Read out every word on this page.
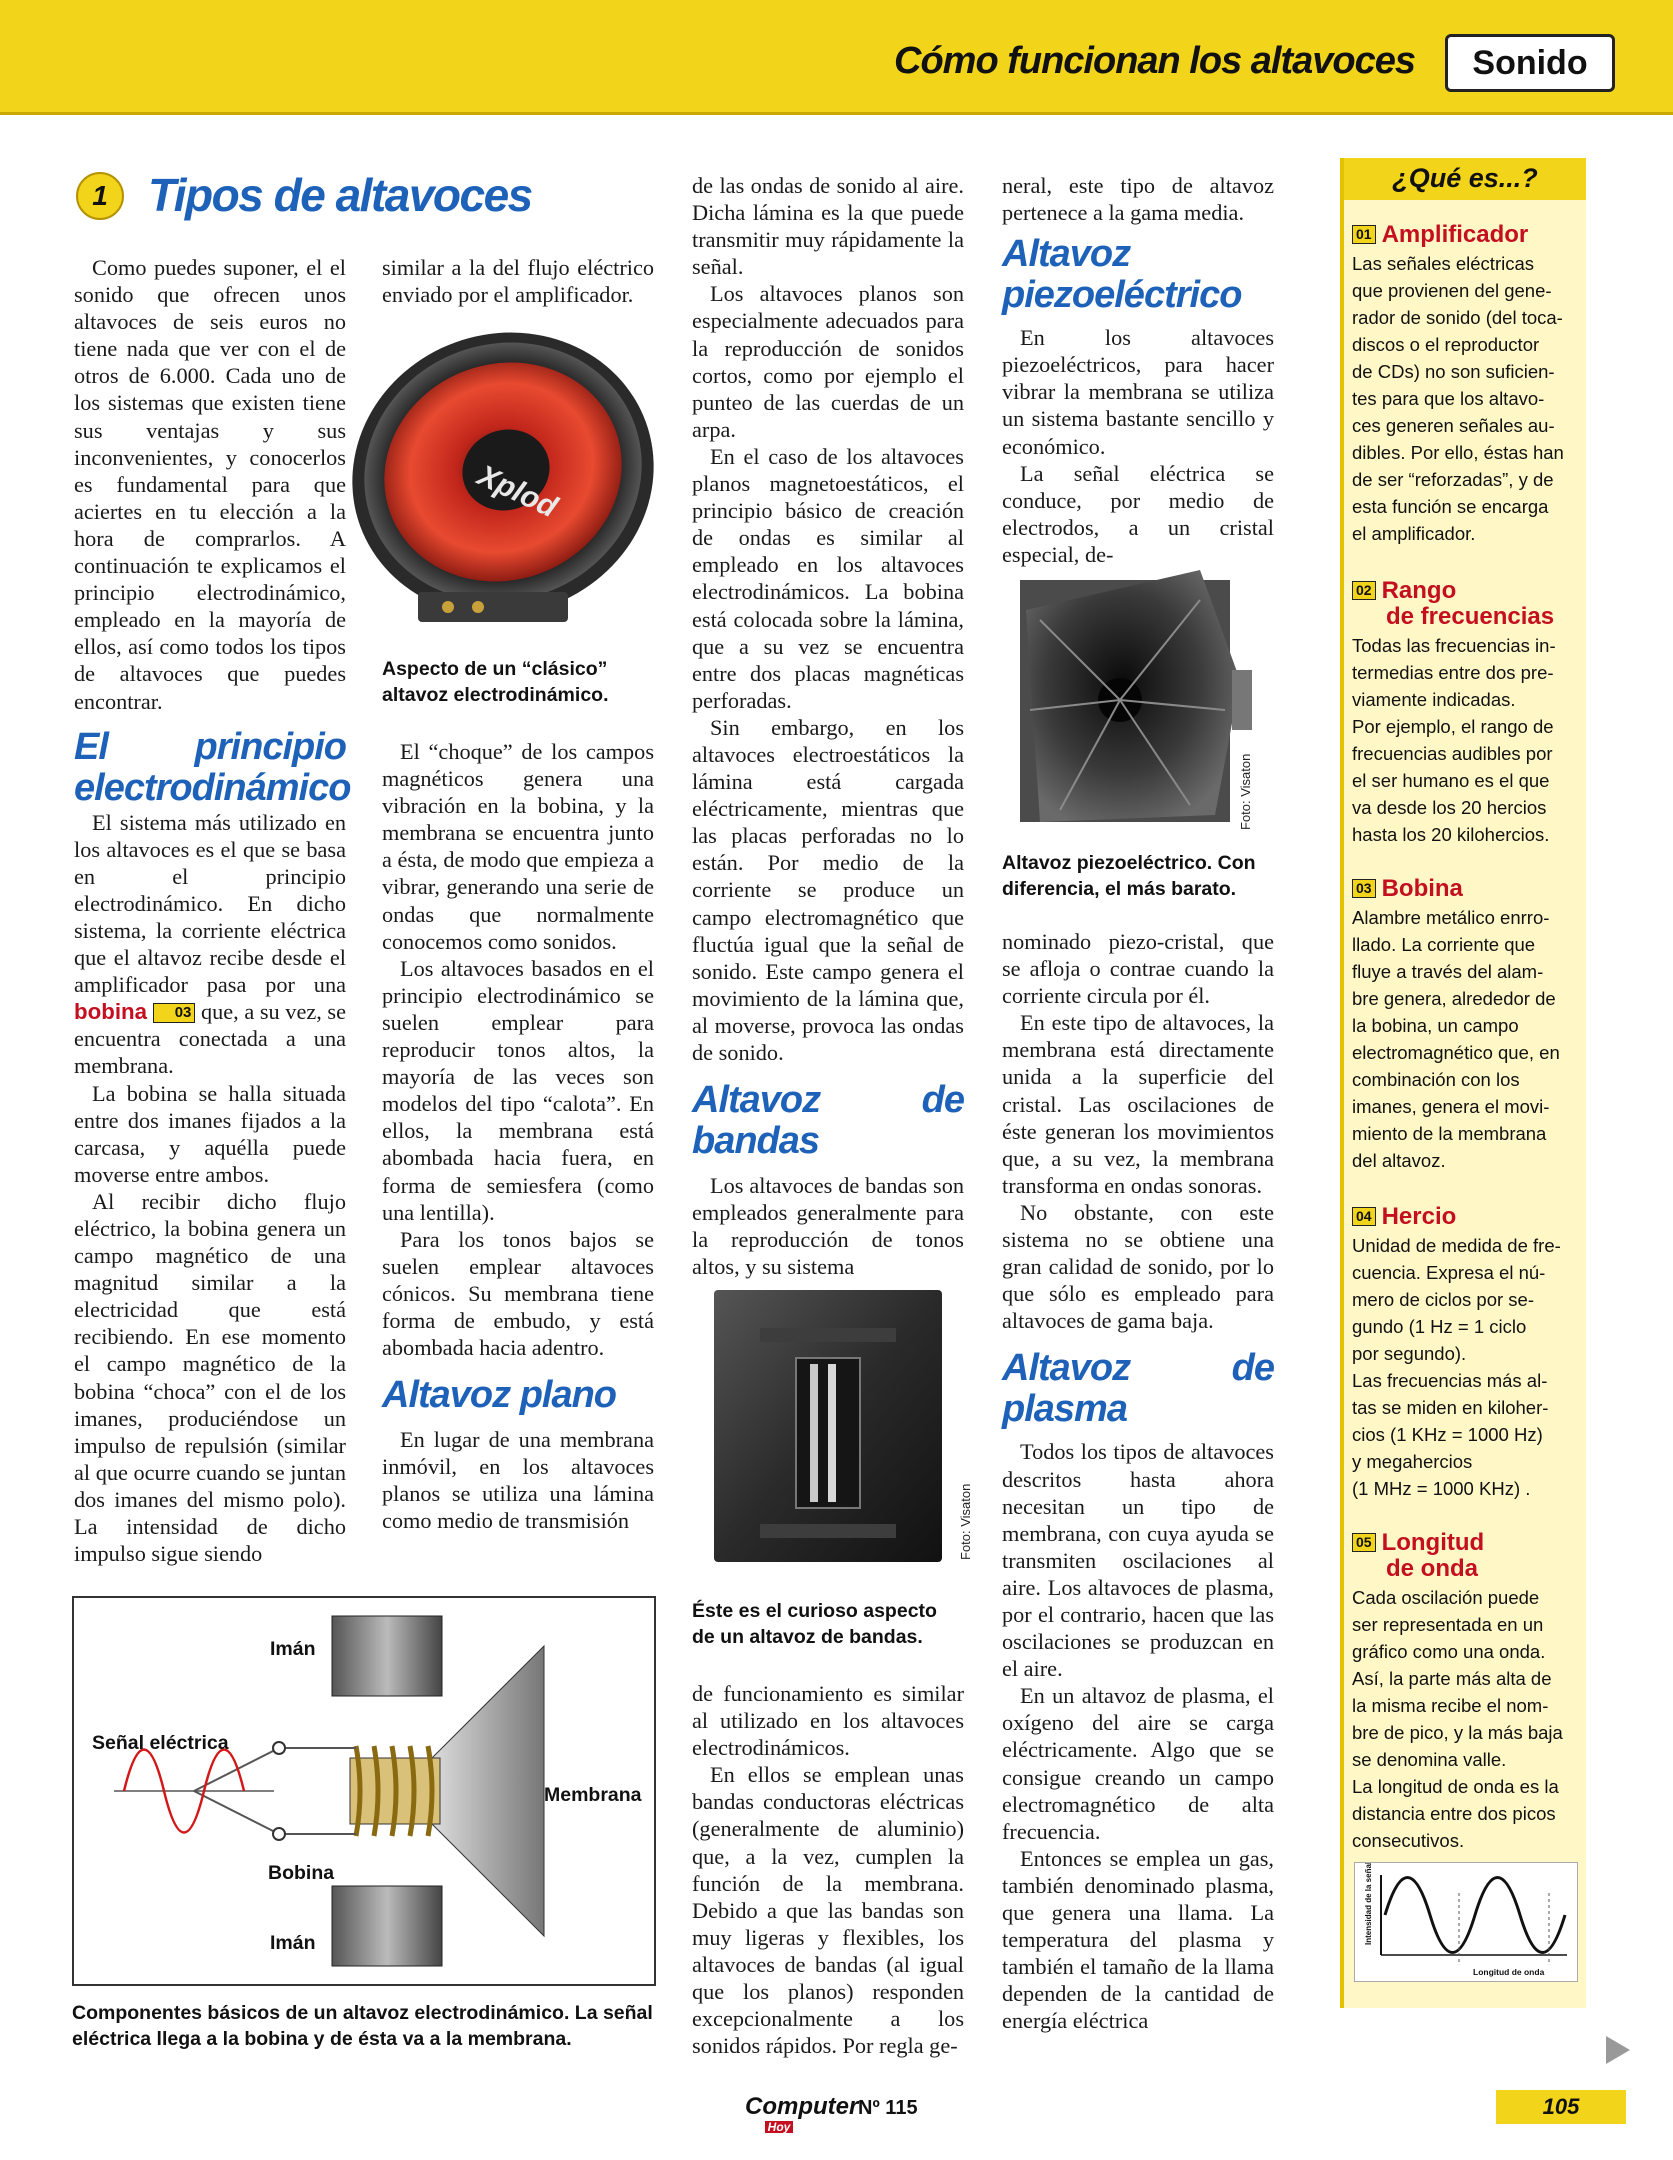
Cómo funcionan los altavoces	Sonido
1 Tipos de altavoces

Como puedes suponer, el el sonido que ofrecen unos altavoces de seis euros no tiene nada que ver con el de otros de 6.000. Cada uno de los sistemas que existen tiene sus ventajas y sus inconvenientes, y conocerlos es fundamental para que aciertes en tu elección a la hora de comprarlos. A continuación te explicamos el principio electrodinámico, empleado en la mayoría de ellos, así como todos los tipos de altavoces que puedes encontrar.

El principio electrodinámico

El sistema más utilizado en los altavoces es el que se basa en el principio electrodinámico. En dicho sistema, la corriente eléctrica que el altavoz recibe desde el amplificador pasa por una bobina 03 que, a su vez, se encuentra conectada a una membrana.

La bobina se halla situada entre dos imanes fijados a la carcasa, y aquélla puede moverse entre ambos.

Al recibir dicho flujo eléctrico, la bobina genera un campo magnético de una magnitud similar a la electricidad que está recibiendo. En ese momento el campo magnético de la bobina “choca” con el de los imanes, produciéndose un impulso de repulsión (similar al que ocurre cuando se juntan dos imanes del mismo polo). La intensidad de dicho impulso sigue siendo

similar a la del flujo eléctrico enviado por el amplificador.

Xplod
Aspecto de un “clásico” altavoz electrodinámico.

El “choque” de los campos magnéticos genera una vibración en la bobina, y la membrana se encuentra junto a ésta, de modo que empieza a vibrar, generando una serie de ondas que normalmente conocemos como sonidos.

Los altavoces basados en el principio electrodinámico se suelen emplear para reproducir tonos altos, la mayoría de las veces son modelos del tipo “calota”. En ellos, la membrana está abombada hacia fuera, en forma de semiesfera (como una lentilla).

Para los tonos bajos se suelen emplear altavoces cónicos. Su membrana tiene forma de embudo, y está abombada hacia adentro.

Altavoz plano

En lugar de una membrana inmóvil, en los altavoces planos se utiliza una lámina como medio de transmisión

de las ondas de sonido al aire. Dicha lámina es la que puede transmitir muy rápidamente la señal.

Los altavoces planos son especialmente adecuados para la reproducción de sonidos cortos, como por ejemplo el punteo de las cuerdas de un arpa.

En el caso de los altavoces planos magnetoestáticos, el principio básico de creación de ondas es similar al empleado en los altavoces electrodinámicos. La bobina está colocada sobre la lámina, que a su vez se encuentra entre dos placas magnéticas perforadas.

Sin embargo, en los altavoces electroestáticos la lámina está cargada eléctricamente, mientras que las placas perforadas no lo están. Por medio de la corriente se produce un campo electromagnético que fluctúa igual que la señal de sonido. Este campo genera el movimiento de la lámina que, al moverse, provoca las ondas de sonido.

Altavoz de bandas

Los altavoces de bandas son empleados generalmente para la reproducción de tonos altos, y su sistema

Foto: Visaton
Éste es el curioso aspecto de un altavoz de bandas.

de funcionamiento es similar al utilizado en los altavoces electrodinámicos.

En ellos se emplean unas bandas conductoras eléctricas (generalmente de aluminio) que, a la vez, cumplen la función de la membrana. Debido a que las bandas son muy ligeras y flexibles, los altavoces de bandas (al igual que los planos) responden excepcionalmente a los sonidos rápidos. Por regla ge-

neral, este tipo de altavoz pertenece a la gama media.

Altavoz piezoeléctrico

En los altavoces piezoeléctricos, para hacer vibrar la membrana se utiliza un sistema bastante sencillo y económico.

La señal eléctrica se conduce, por medio de electrodos, a un cristal especial, de-

Foto: Visaton
Altavoz piezoeléctrico. Con diferencia, el más barato.

nominado piezo-cristal, que se afloja o contrae cuando la corriente circula por él.

En este tipo de altavoces, la membrana está directamente unida a la superficie del cristal. Las oscilaciones de éste generan los movimientos que, a su vez, la membrana transforma en ondas sonoras.

No obstante, con este sistema no se obtiene una gran calidad de sonido, por lo que sólo es empleado para altavoces de gama baja.

Altavoz de plasma

Todos los tipos de altavoces descritos hasta ahora necesitan un tipo de membrana, con cuya ayuda se transmiten oscilaciones al aire. Los altavoces de plasma, por el contrario, hacen que las oscilaciones se produzcan en el aire.

En un altavoz de plasma, el oxígeno del aire se carga eléctricamente. Algo que se consigue creando un campo electromagnético de alta frecuencia.

Entonces se emplea un gas, también denominado plasma, que genera una llama. La temperatura del plasma y también el tamaño de la llama dependen de la cantidad de energía eléctrica

Imán
Señal eléctrica
Membrana
Bobina
Imán
Componentes básicos de un altavoz electrodinámico. La señal eléctrica llega a la bobina y de ésta va a la membrana.
¿Qué es...?
01 Amplificador
Las señales eléctricas
que provienen del gene-
rador de sonido (del toca-
discos o el reproductor
de CDs) no son suficien-
tes para que los altavo-
ces generen señales au-
dibles. Por ello, éstas han
de ser “reforzadas”, y de
esta función se encarga
el amplificador.
02 Rango
de frecuencias
Todas las frecuencias in-
termedias entre dos pre-
viamente indicadas.
Por ejemplo, el rango de
frecuencias audibles por
el ser humano es el que
va desde los 20 hercios
hasta los 20 kilohercios.
03 Bobina
Alambre metálico enrro-
llado. La corriente que
fluye a través del alam-
bre genera, alrededor de
la bobina, un campo
electromagnético que, en
combinación con los
imanes, genera el movi-
miento de la membrana
del altavoz.
04 Hercio
Unidad de medida de fre-
cuencia. Expresa el nú-
mero de ciclos por se-
gundo (1 Hz = 1 ciclo
por segundo).
Las frecuencias más al-
tas se miden en kiloher-
cios (1 KHz = 1000 Hz)
y megahercios
(1 MHz = 1000 KHz) .
05 Longitud
de onda
Cada oscilación puede
ser representada en un
gráfico como una onda.
Así, la parte más alta de
la misma recibe el nom-
bre de pico, y la más baja
se denomina valle.
La longitud de onda es la
distancia entre dos picos
consecutivos.
Intensidad de la señal
Longitud de onda
Computer
Hoy
Nº 115	105
